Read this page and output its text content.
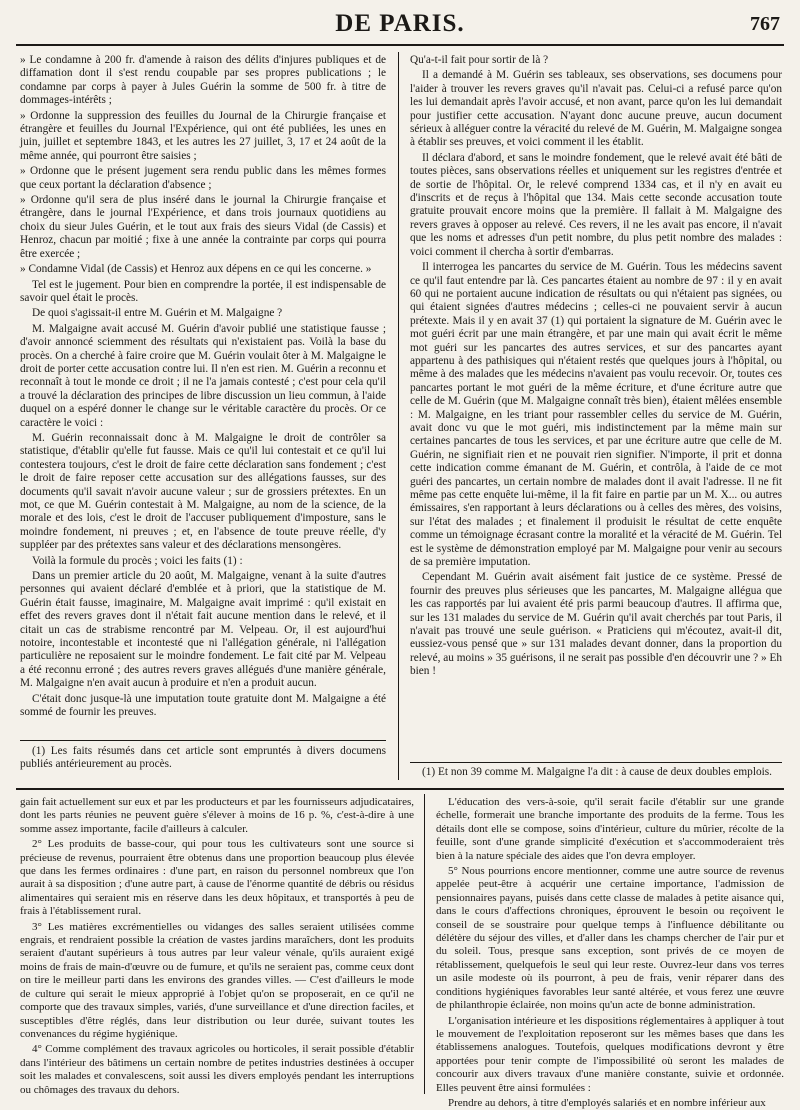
DE PARIS.	767

» Le condamne à 200 fr. d'amende à raison des délits d'injures publiques et de diffamation dont il s'est rendu coupable par ses propres publications ; le condamne par corps à payer à Jules Guérin la somme de 500 fr. à titre de dommages-intérêts ;

» Ordonne la suppression des feuilles du Journal de la Chirurgie française et étrangère et feuilles du Journal l'Expérience, qui ont été publiées, les unes en juin, juillet et septembre 1843, et les autres les 27 juillet, 3, 17 et 24 août de la même année, qui pourront être saisies ;

» Ordonne que le présent jugement sera rendu public dans les mêmes formes que ceux portant la déclaration d'absence ;

» Ordonne qu'il sera de plus inséré dans le journal la Chirurgie française et étrangère, dans le journal l'Expérience, et dans trois journaux quotidiens au choix du sieur Jules Guérin, et le tout aux frais des sieurs Vidal (de Cassis) et Henroz, chacun par moitié ; fixe à une année la contrainte par corps qui pourra être exercée ;

» Condamne Vidal (de Cassis) et Henroz aux dépens en ce qui les concerne. »

Tel est le jugement. Pour bien en comprendre la portée, il est indispensable de savoir quel était le procès.

De quoi s'agissait-il entre M. Guérin et M. Malgaigne ?

M. Malgaigne avait accusé M. Guérin d'avoir publié une statistique fausse ; d'avoir annoncé sciemment des résultats qui n'existaient pas. Voilà la base du procès. On a cherché à faire croire que M. Guérin voulait ôter à M. Malgaigne le droit de porter cette accusation contre lui. Il n'en est rien. M. Guérin a reconnu et reconnaît à tout le monde ce droit ; il ne l'a jamais contesté ; c'est pour cela qu'il a trouvé la déclaration des principes de libre discussion un lieu commun, à l'aide duquel on a espéré donner le change sur le véritable caractère du procès. Or ce caractère le voici :

M. Guérin reconnaissait donc à M. Malgaigne le droit de contrôler sa statistique, d'établir qu'elle fut fausse. Mais ce qu'il lui contestait et ce qu'il lui contestera toujours, c'est le droit de faire cette déclaration sans fondement ; c'est le droit de faire reposer cette accusation sur des allégations fausses, sur des documents qu'il savait n'avoir aucune valeur ; sur de grossiers prétextes. En un mot, ce que M. Guérin contestait à M. Malgaigne, au nom de la science, de la morale et des lois, c'est le droit de l'accuser publiquement d'imposture, sans le moindre fondement, ni preuves ; et, en l'absence de toute preuve réelle, d'y suppléer par des prétextes sans valeur et des déclarations mensongères.

Voilà la formule du procès ; voici les faits (1) :

Dans un premier article du 20 août, M. Malgaigne, venant à la suite d'autres personnes qui avaient déclaré d'emblée et à priori, que la statistique de M. Guérin était fausse, imaginaire, M. Malgaigne avait imprimé : qu'il existait en effet des revers graves dont il n'était fait aucune mention dans le relevé, et il citait un cas de strabisme rencontré par M. Velpeau. Or, il est aujourd'hui notoire, incontestable et incontesté que ni l'allégation générale, ni l'allégation particulière ne reposaient sur le moindre fondement. Le fait cité par M. Velpeau a été reconnu erroné ; des autres revers graves allégués d'une manière générale, M. Malgaigne n'en avait aucun à produire et n'en a produit aucun.

C'était donc jusque-là une imputation toute gratuite dont M. Malgaigne a été sommé de fournir les preuves.

(1) Les faits résumés dans cet article sont empruntés à divers documens publiés antérieurement au procès.

Qu'a-t-il fait pour sortir de là ?

Il a demandé à M. Guérin ses tableaux, ses observations, ses documens pour l'aider à trouver les revers graves qu'il n'avait pas. Celui-ci a refusé parce qu'on les lui demandait après l'avoir accusé, et non avant, parce qu'on les lui demandait pour justifier cette accusation. N'ayant donc aucune preuve, aucun document sérieux à alléguer contre la véracité du relevé de M. Guérin, M. Malgaigne songea à établir ses preuves, et voici comment il les établit.

Il déclara d'abord, et sans le moindre fondement, que le relevé avait été bâti de toutes pièces, sans observations réelles et uniquement sur les registres d'entrée et de sortie de l'hôpital. Or, le relevé comprend 1334 cas, et il n'y en avait eu d'inscrits et de reçus à l'hôpital que 134. Mais cette seconde accusation toute gratuite prouvait encore moins que la première. Il fallait à M. Malgaigne des revers graves à opposer au relevé. Ces revers, il ne les avait pas encore, il n'avait que les noms et adresses d'un petit nombre, du plus petit nombre des malades : voici comment il chercha à sortir d'embarras.

Il interrogea les pancartes du service de M. Guérin. Tous les médecins savent ce qu'il faut entendre par là. Ces pancartes étaient au nombre de 97 : il y en avait 60 qui ne portaient aucune indication de résultats ou qui n'étaient pas signées, ou qui étaient signées d'autres médecins ; celles-ci ne pouvaient servir à aucun prétexte. Mais il y en avait 37 (1) qui portaient la signature de M. Guérin avec le mot guéri écrit par une main étrangère, et par une main qui avait écrit le même mot guéri sur les pancartes des autres services, et sur des pancartes ayant appartenu à des pathisiques qui n'étaient restés que quelques jours à l'hôpital, ou même à des malades que les médecins n'avaient pas voulu recevoir. Or, toutes ces pancartes portant le mot guéri de la même écriture, et d'une écriture autre que celle de M. Guérin (que M. Malgaigne connaît très bien), étaient mêlées ensemble : M. Malgaigne, en les triant pour rassembler celles du service de M. Guérin, avait donc vu que le mot guéri, mis indistinctement par la même main sur certaines pancartes de tous les services, et par une écriture autre que celle de M. Guérin, ne signifiait rien et ne pouvait rien signifier. N'importe, il prit et donna cette indication comme émanant de M. Guérin, et contrôla, à l'aide de ce mot guéri des pancartes, un certain nombre de malades dont il avait l'adresse. Il ne fit même pas cette enquête lui-même, il la fit faire en partie par un M. X... ou autres émissaires, s'en rapportant à leurs déclarations ou à celles des mères, des voisins, sur l'état des malades ; et finalement il produisit le résultat de cette enquête comme un témoignage écrasant contre la moralité et la véracité de M. Guérin. Tel est le système de démonstration employé par M. Malgaigne pour venir au secours de sa première imputation.

Cependant M. Guérin avait aisément fait justice de ce système. Pressé de fournir des preuves plus sérieuses que les pancartes, M. Malgaigne allégua que les cas rapportés par lui avaient été pris parmi beaucoup d'autres. Il affirma que, sur les 131 malades du service de M. Guérin qu'il avait cherchés par tout Paris, il n'avait pas trouvé une seule guérison. « Praticiens qui m'écoutez, avait-il dit, eussiez-vous pensé que » sur 131 malades devant donner, dans la proportion du relevé, au moins » 35 guérisons, il ne serait pas possible d'en découvrir une ? » Eh bien !

(1) Et non 39 comme M. Malgaigne l'a dit : à cause de deux doubles emplois.

gain fait actuellement sur eux et par les producteurs et par les fournisseurs adjudicataires, dont les parts réunies ne peuvent guère s'élever à moins de 16 p. %, c'est-à-dire à une somme assez importante, facile d'ailleurs à calculer.

2° Les produits de basse-cour, qui pour tous les cultivateurs sont une source si précieuse de revenus, pourraient être obtenus dans une proportion beaucoup plus élevée que dans les fermes ordinaires : d'une part, en raison du personnel nombreux que l'on aurait à sa disposition ; d'une autre part, à cause de l'énorme quantité de débris ou résidus alimentaires qui seraient mis en réserve dans les deux hôpitaux, et transportés à peu de frais à l'établissement rural.

3° Les matières excrémentielles ou vidanges des salles seraient utilisées comme engrais, et rendraient possible la création de vastes jardins maraîchers, dont les produits seraient d'autant supérieurs à tous autres par leur valeur vénale, qu'ils auraient exigé moins de frais de main-d'œuvre ou de fumure, et qu'ils ne seraient pas, comme ceux dont on tire le meilleur parti dans les environs des grandes villes. — C'est d'ailleurs le mode de culture qui serait le mieux approprié à l'objet qu'on se proposerait, en ce qu'il ne comporte que des travaux simples, variés, d'une surveillance et d'une direction faciles, et susceptibles d'être réglés, dans leur distribution ou leur durée, suivant toutes les convenances du régime hygiénique.

4° Comme complément des travaux agricoles ou horticoles, il serait possible d'établir dans l'intérieur des bâtimens un certain nombre de petites industries destinées à occuper soit les malades et convalescens, soit aussi les divers employés pendant les interruptions ou chômages des travaux du dehors.

L'éducation des vers-à-soie, qu'il serait facile d'établir sur une grande échelle, formerait une branche importante des produits de la ferme. Tous les détails dont elle se compose, soins d'intérieur, culture du mûrier, récolte de la feuille, sont d'une grande simplicité d'exécution et s'accommoderaient très bien à la nature spéciale des aides que l'on devra employer.

5° Nous pourrions encore mentionner, comme une autre source de revenus appelée peut-être à acquérir une certaine importance, l'admission de pensionnaires payans, puisés dans cette classe de malades à petite aisance qui, dans le cours d'affections chroniques, éprouvent le besoin ou reçoivent le conseil de se soustraire pour quelque temps à l'influence débilitante ou délétère du séjour des villes, et d'aller dans les champs chercher de l'air pur et du soleil. Tous, presque sans exception, sont privés de ce moyen de rétablissement, quelquefois le seul qui leur reste. Ouvrez-leur dans vos terres un asile modeste où ils pourront, à peu de frais, venir réparer dans des conditions hygiéniques favorables leur santé altérée, et vous ferez une œuvre de philanthropie éclairée, non moins qu'un acte de bonne administration.

L'organisation intérieure et les dispositions réglementaires à appliquer à tout le mouvement de l'exploitation reposeront sur les mêmes bases que dans les établissemens analogues. Toutefois, quelques modifications devront y être apportées pour tenir compte de l'impossibilité où seront les malades de concourir aux divers travaux d'une manière constante, suivie et ordonnée. Elles peuvent être ainsi formulées :

Prendre au dehors, à titre d'employés salariés et en nombre inférieur aux
